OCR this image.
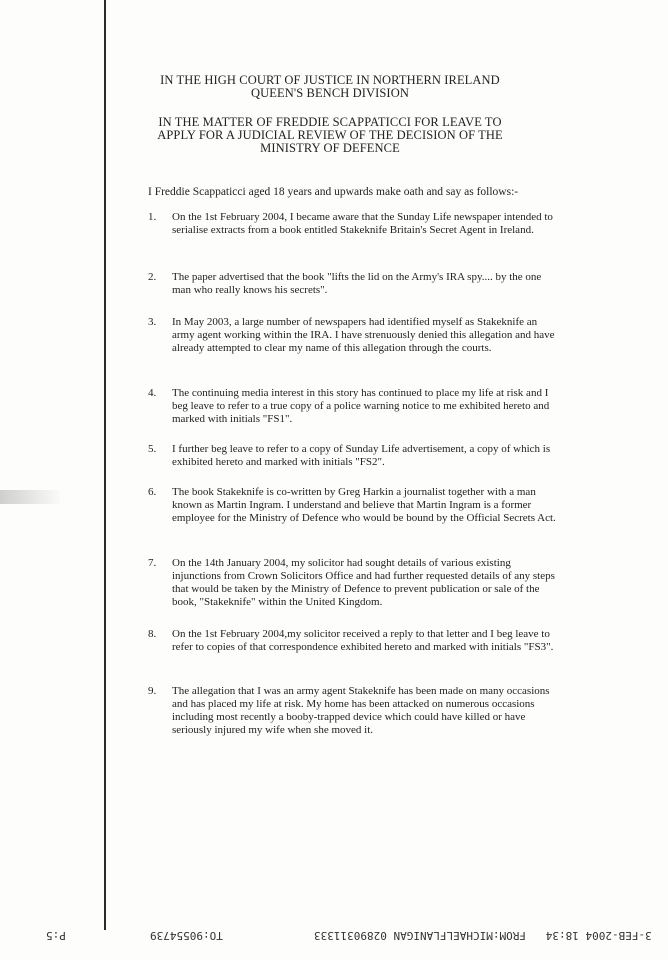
IN THE HIGH COURT OF JUSTICE IN NORTHERN IRELAND
QUEEN'S BENCH DIVISION
IN THE MATTER OF FREDDIE SCAPPATICCI FOR LEAVE TO
APPLY FOR A JUDICIAL REVIEW OF THE DECISION OF THE
MINISTRY OF DEFENCE
I Freddie Scappaticci aged 18 years and upwards make oath and say as follows:-
1. On the 1st February 2004, I became aware that the Sunday Life newspaper intended to serialise extracts from a book entitled Stakeknife Britain's Secret Agent in Ireland.
2. The paper advertised that the book "lifts the lid on the Army's IRA spy.... by the one man who really knows his secrets".
3. In May 2003, a large number of newspapers had identified myself as Stakeknife an army agent working within the IRA. I have strenuously denied this allegation and have already attempted to clear my name of this allegation through the courts.
4. The continuing media interest in this story has continued to place my life at risk and I beg leave to refer to a true copy of a police warning notice to me exhibited hereto and marked with initials "FS1".
5. I further beg leave to refer to a copy of Sunday Life advertisement, a copy of which is exhibited hereto and marked with initials "FS2".
6. The book Stakeknife is co-written by Greg Harkin a journalist together with a man known as Martin Ingram. I understand and believe that Martin Ingram is a former employee for the Ministry of Defence who would be bound by the Official Secrets Act.
7. On the 14th January 2004, my solicitor had sought details of various existing injunctions from Crown Solicitors Office and had further requested details of any steps that would be taken by the Ministry of Defence to prevent publication or sale of the book, "Stakeknife" within the United Kingdom.
8. On the 1st February 2004,my solicitor received a reply to that letter and I beg leave to refer to copies of that correspondence exhibited hereto and marked with initials "FS3".
9. The allegation that I was an army agent Stakeknife has been made on many occasions and has placed my life at risk. My home has been attacked on numerous occasions including most recently a booby-trapped device which could have killed or have seriously injured my wife when she moved it.
P:5	TO:90554739	3-FEB-2004 18:34   FROM:MICHAELFLANIGAN 02890311333
